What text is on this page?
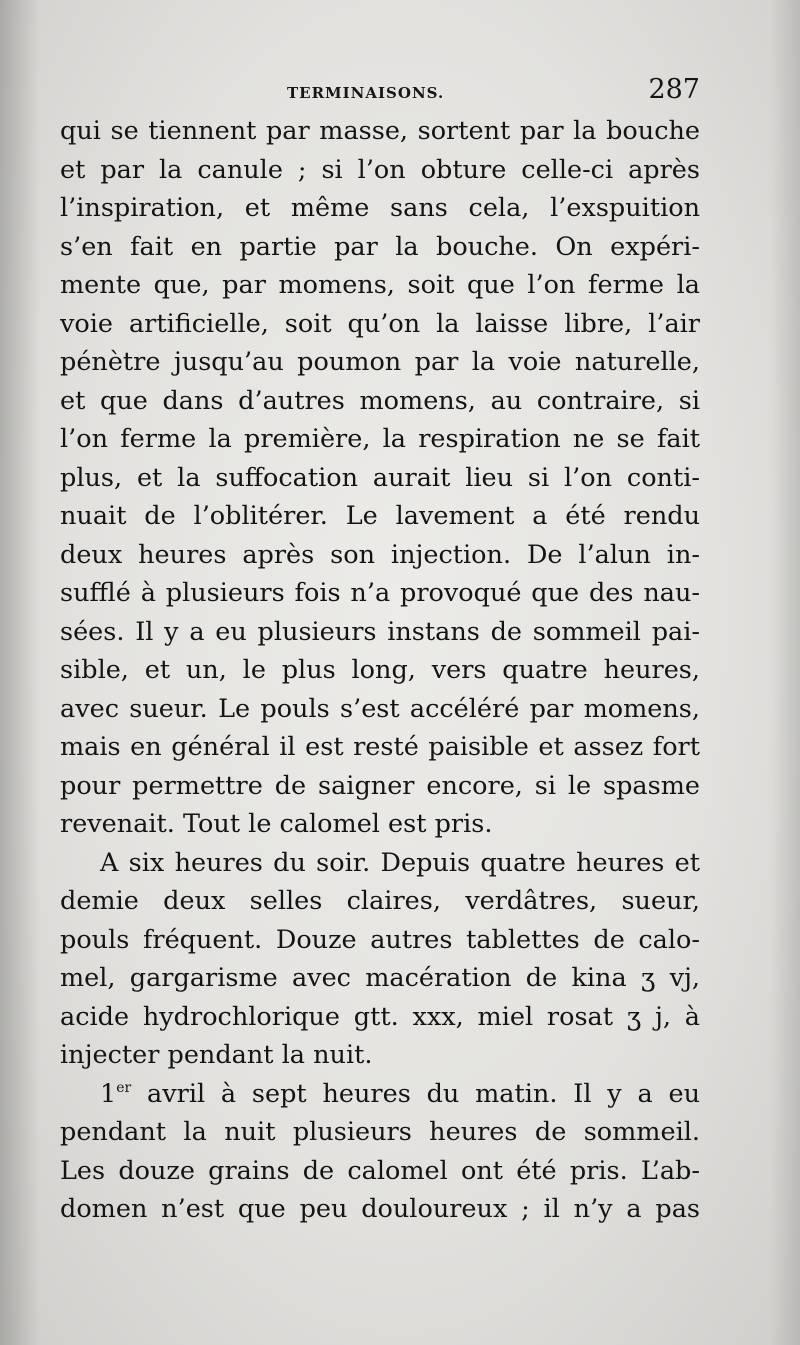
TERMINAISONS.	287
qui se tiennent par masse, sortent par la bouche
et par la canule ; si l’on obture celle-ci après
l’inspiration, et même sans cela, l’exspuition
s’en fait en partie par la bouche. On expéri-
mente que, par momens, soit que l’on ferme la
voie artificielle, soit qu’on la laisse libre, l’air
pénètre jusqu’au poumon par la voie naturelle,
et que dans d’autres momens, au contraire, si
l’on ferme la première, la respiration ne se fait
plus, et la suffocation aurait lieu si l’on conti-
nuait de l’oblitérer. Le lavement a été rendu
deux heures après son injection. De l’alun in-
sufflé à plusieurs fois n’a provoqué que des nau-
sées. Il y a eu plusieurs instans de sommeil pai-
sible, et un, le plus long, vers quatre heures,
avec sueur. Le pouls s’est accéléré par momens,
mais en général il est resté paisible et assez fort
pour permettre de saigner encore, si le spasme
revenait. Tout le calomel est pris.
A six heures du soir. Depuis quatre heures et
demie deux selles claires, verdâtres, sueur,
pouls fréquent. Douze autres tablettes de calo-
mel, gargarisme avec macération de kina ʒ vj,
acide hydrochlorique gtt. xxx, miel rosat ʒ j, à
injecter pendant la nuit.
1er avril à sept heures du matin. Il y a eu
pendant la nuit plusieurs heures de sommeil.
Les douze grains de calomel ont été pris. L’ab-
domen n’est que peu douloureux ; il n’y a pas
